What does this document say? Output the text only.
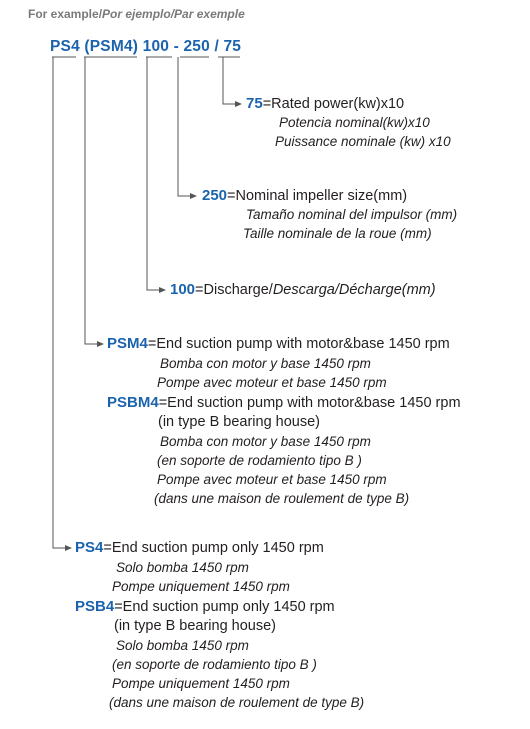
For example/Por ejemplo/Par exemple
PS4 (PSM4) 100 - 250 / 75
75=Rated power(kw)x10
Potencia nominal(kw)x10
Puissance nominale (kw) x10
250=Nominal impeller size(mm)
Tamaño nominal del impulsor (mm)
Taille nominale de la roue (mm)
100=Discharge/Descarga/Décharge(mm)
PSM4=End suction pump with motor&base 1450 rpm
Bomba con motor y base 1450 rpm
Pompe avec moteur et base 1450 rpm
PSBM4=End suction pump with motor&base 1450 rpm
(in type B bearing house)
Bomba con motor y base 1450 rpm
(en soporte de rodamiento tipo B )
Pompe avec moteur et base 1450 rpm
(dans une maison de roulement de type B)
PS4=End suction pump only 1450 rpm
Solo bomba 1450 rpm
Pompe uniquement 1450 rpm
PSB4=End suction pump only 1450 rpm
(in type B bearing house)
Solo bomba 1450 rpm
(en soporte de rodamiento tipo B )
Pompe uniquement 1450 rpm
(dans une maison de roulement de type B)
